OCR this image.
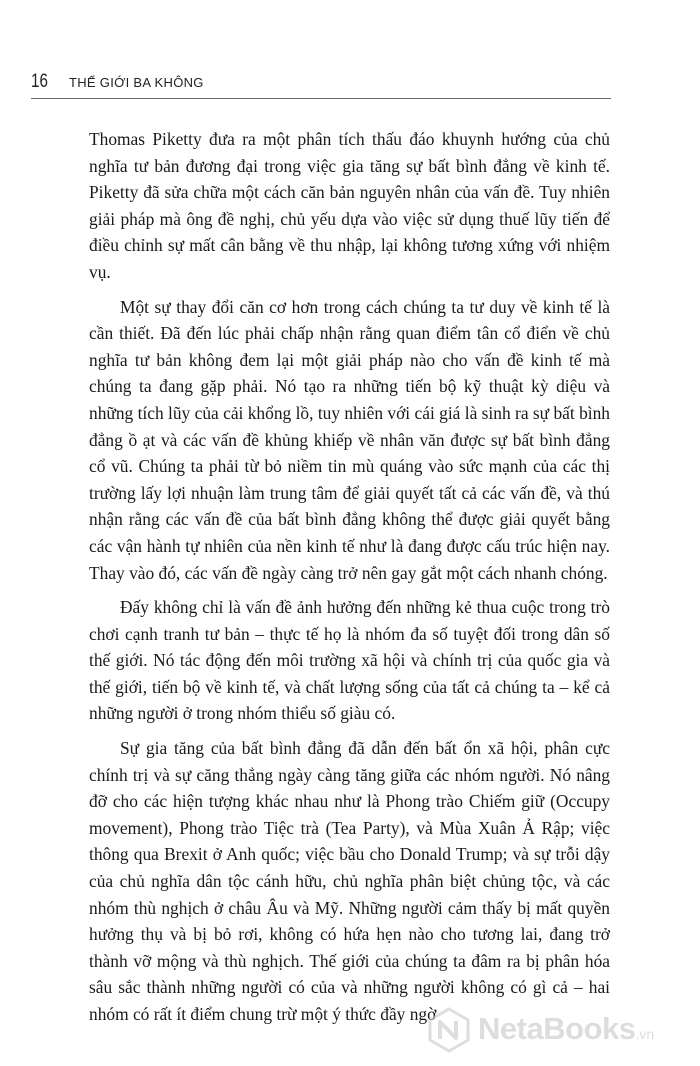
16 THẾ GIỚI BA KHÔNG

Thomas Piketty đưa ra một phân tích thấu đáo khuynh hướng của chủ nghĩa tư bản đương đại trong việc gia tăng sự bất bình đẳng về kinh tế. Piketty đã sửa chữa một cách căn bản nguyên nhân của vấn đề. Tuy nhiên giải pháp mà ông đề nghị, chủ yếu dựa vào việc sử dụng thuế lũy tiến để điều chỉnh sự mất cân bằng về thu nhập, lại không tương xứng với nhiệm vụ.

Một sự thay đổi căn cơ hơn trong cách chúng ta tư duy về kinh tế là cần thiết. Đã đến lúc phải chấp nhận rằng quan điểm tân cổ điển về chủ nghĩa tư bản không đem lại một giải pháp nào cho vấn đề kinh tế mà chúng ta đang gặp phải. Nó tạo ra những tiến bộ kỹ thuật kỳ diệu và những tích lũy của cải khổng lồ, tuy nhiên với cái giá là sinh ra sự bất bình đẳng ồ ạt và các vấn đề khủng khiếp về nhân văn được sự bất bình đẳng cổ vũ. Chúng ta phải từ bỏ niềm tin mù quáng vào sức mạnh của các thị trường lấy lợi nhuận làm trung tâm để giải quyết tất cả các vấn đề, và thú nhận rằng các vấn đề của bất bình đẳng không thể được giải quyết bằng các vận hành tự nhiên của nền kinh tế như là đang được cấu trúc hiện nay. Thay vào đó, các vấn đề ngày càng trở nên gay gắt một cách nhanh chóng.

Đấy không chỉ là vấn đề ảnh hưởng đến những kẻ thua cuộc trong trò chơi cạnh tranh tư bản – thực tế họ là nhóm đa số tuyệt đối trong dân số thế giới. Nó tác động đến môi trường xã hội và chính trị của quốc gia và thế giới, tiến bộ về kinh tế, và chất lượng sống của tất cả chúng ta – kể cả những người ở trong nhóm thiểu số giàu có.

Sự gia tăng của bất bình đẳng đã dẫn đến bất ổn xã hội, phân cực chính trị và sự căng thẳng ngày càng tăng giữa các nhóm người. Nó nâng đỡ cho các hiện tượng khác nhau như là Phong trào Chiếm giữ (Occupy movement), Phong trào Tiệc trà (Tea Party), và Mùa Xuân Ả Rập; việc thông qua Brexit ở Anh quốc; việc bầu cho Donald Trump; và sự trỗi dậy của chủ nghĩa dân tộc cánh hữu, chủ nghĩa phân biệt chủng tộc, và các nhóm thù nghịch ở châu Âu và Mỹ. Những người cảm thấy bị mất quyền hưởng thụ và bị bỏ rơi, không có hứa hẹn nào cho tương lai, đang trở thành vỡ mộng và thù nghịch. Thế giới của chúng ta đâm ra bị phân hóa sâu sắc thành những người có của và những người không có gì cả – hai nhóm có rất ít điểm chung trừ một ý thức đầy ngờ	NetaBooks.vn
